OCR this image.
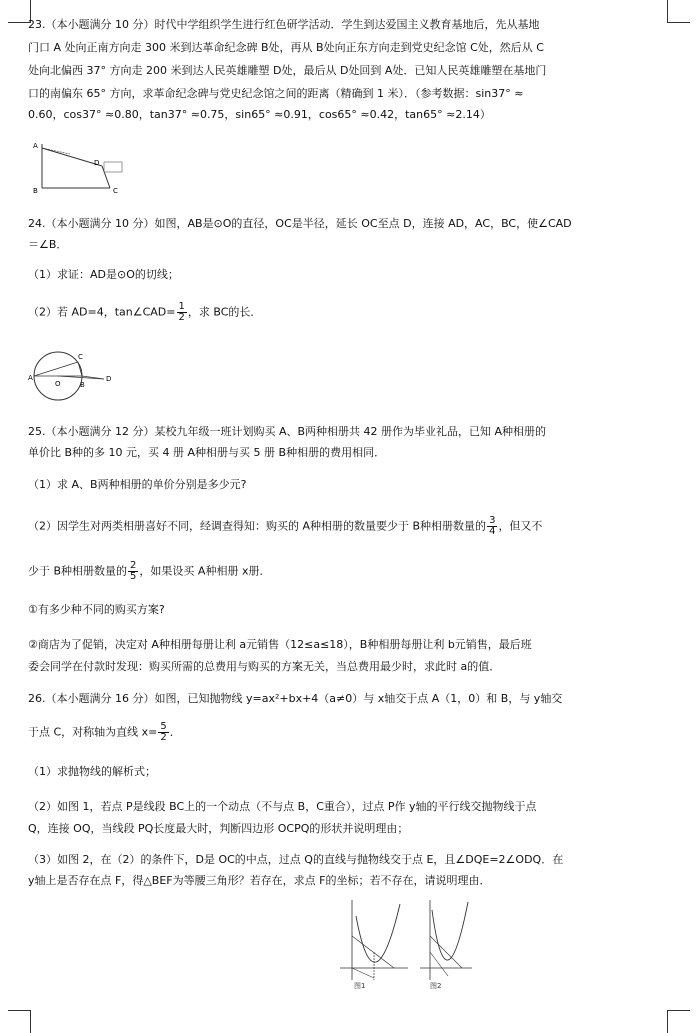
23.（本小题满分 10 分）时代中学组织学生进行红色研学活动．学生到达爱国主义教育基地后，先从基地
门口 A 处向正南方向走 300 米到达革命纪念碑 B处，再从 B处向正东方向走到党史纪念馆 C处，然后从 C
处向北偏西 37° 方向走 200 米到达人民英雄雕塑 D处，最后从 D处回到 A处．已知人民英雄雕塑在基地门
口的南偏东 65° 方向，求革命纪念碑与党史纪念馆之间的距离（精确到 1 米）．（参考数据：sin37° ≈
0.60，cos37° ≈0.80，tan37° ≈0.75，sin65° ≈0.91，cos65° ≈0.42，tan65° ≈2.14）
A
B	C
D
24.（本小题满分 10 分）如图，AB是⊙O的直径，OC是半径，延长 OC至点 D，连接 AD，AC，BC，使∠CAD
＝∠B．
（1）求证：AD是⊙O的切线；
（2）若 AD=4，tan∠CAD= $\frac{1}{2}$ ，求 BC的长．
A
B
O
C
D
25.（本小题满分 12 分）某校九年级一班计划购买 A、B两种相册共 42 册作为毕业礼品，已知 A种相册的
单价比 B种的多 10 元，买 4 册 A种相册与买 5 册 B种相册的费用相同．
（1）求 A、B两种相册的单价分别是多少元?
（2）因学生对两类相册喜好不同，经调查得知：购买的 A种相册的数量要少于 B种相册数量的 $\frac{3}{4}$ ，但又不
少于 B种相册数量的 $\frac{2}{5}$ ，如果设买 A种相册 x册．
①有多少种不同的购买方案?
②商店为了促销，决定对 A种相册每册让利 a元销售（12≤a≤18），B种相册每册让利 b元销售，最后班
委会同学在付款时发现：购买所需的总费用与购买的方案无关，当总费用最少时，求此时 a的值．
26.（本小题满分 16 分）如图，已知抛物线 y=ax²+bx+4（a≠0）与 x轴交于点 A（1，0）和 B，与 y轴交
于点 C，对称轴为直线 $x= \frac{5}{2}$ ．
（1）求抛物线的解析式；
（2）如图 1，若点 P是线段 BC上的一个动点（不与点 B，C重合），过点 P作 y轴的平行线交抛物线于点
Q，连接 OQ，当线段 PQ长度最大时，判断四边形 OCPQ的形状并说明理由；
（3）如图 2，在（2）的条件下，D是 OC的中点，过点 Q的直线与抛物线交于点 E，且∠DQE=2∠ODQ．在
y轴上是否存在点 F，得△BEF为等腰三角形？若存在，求点 F的坐标；若不存在，请说明理由．
图1	图2
